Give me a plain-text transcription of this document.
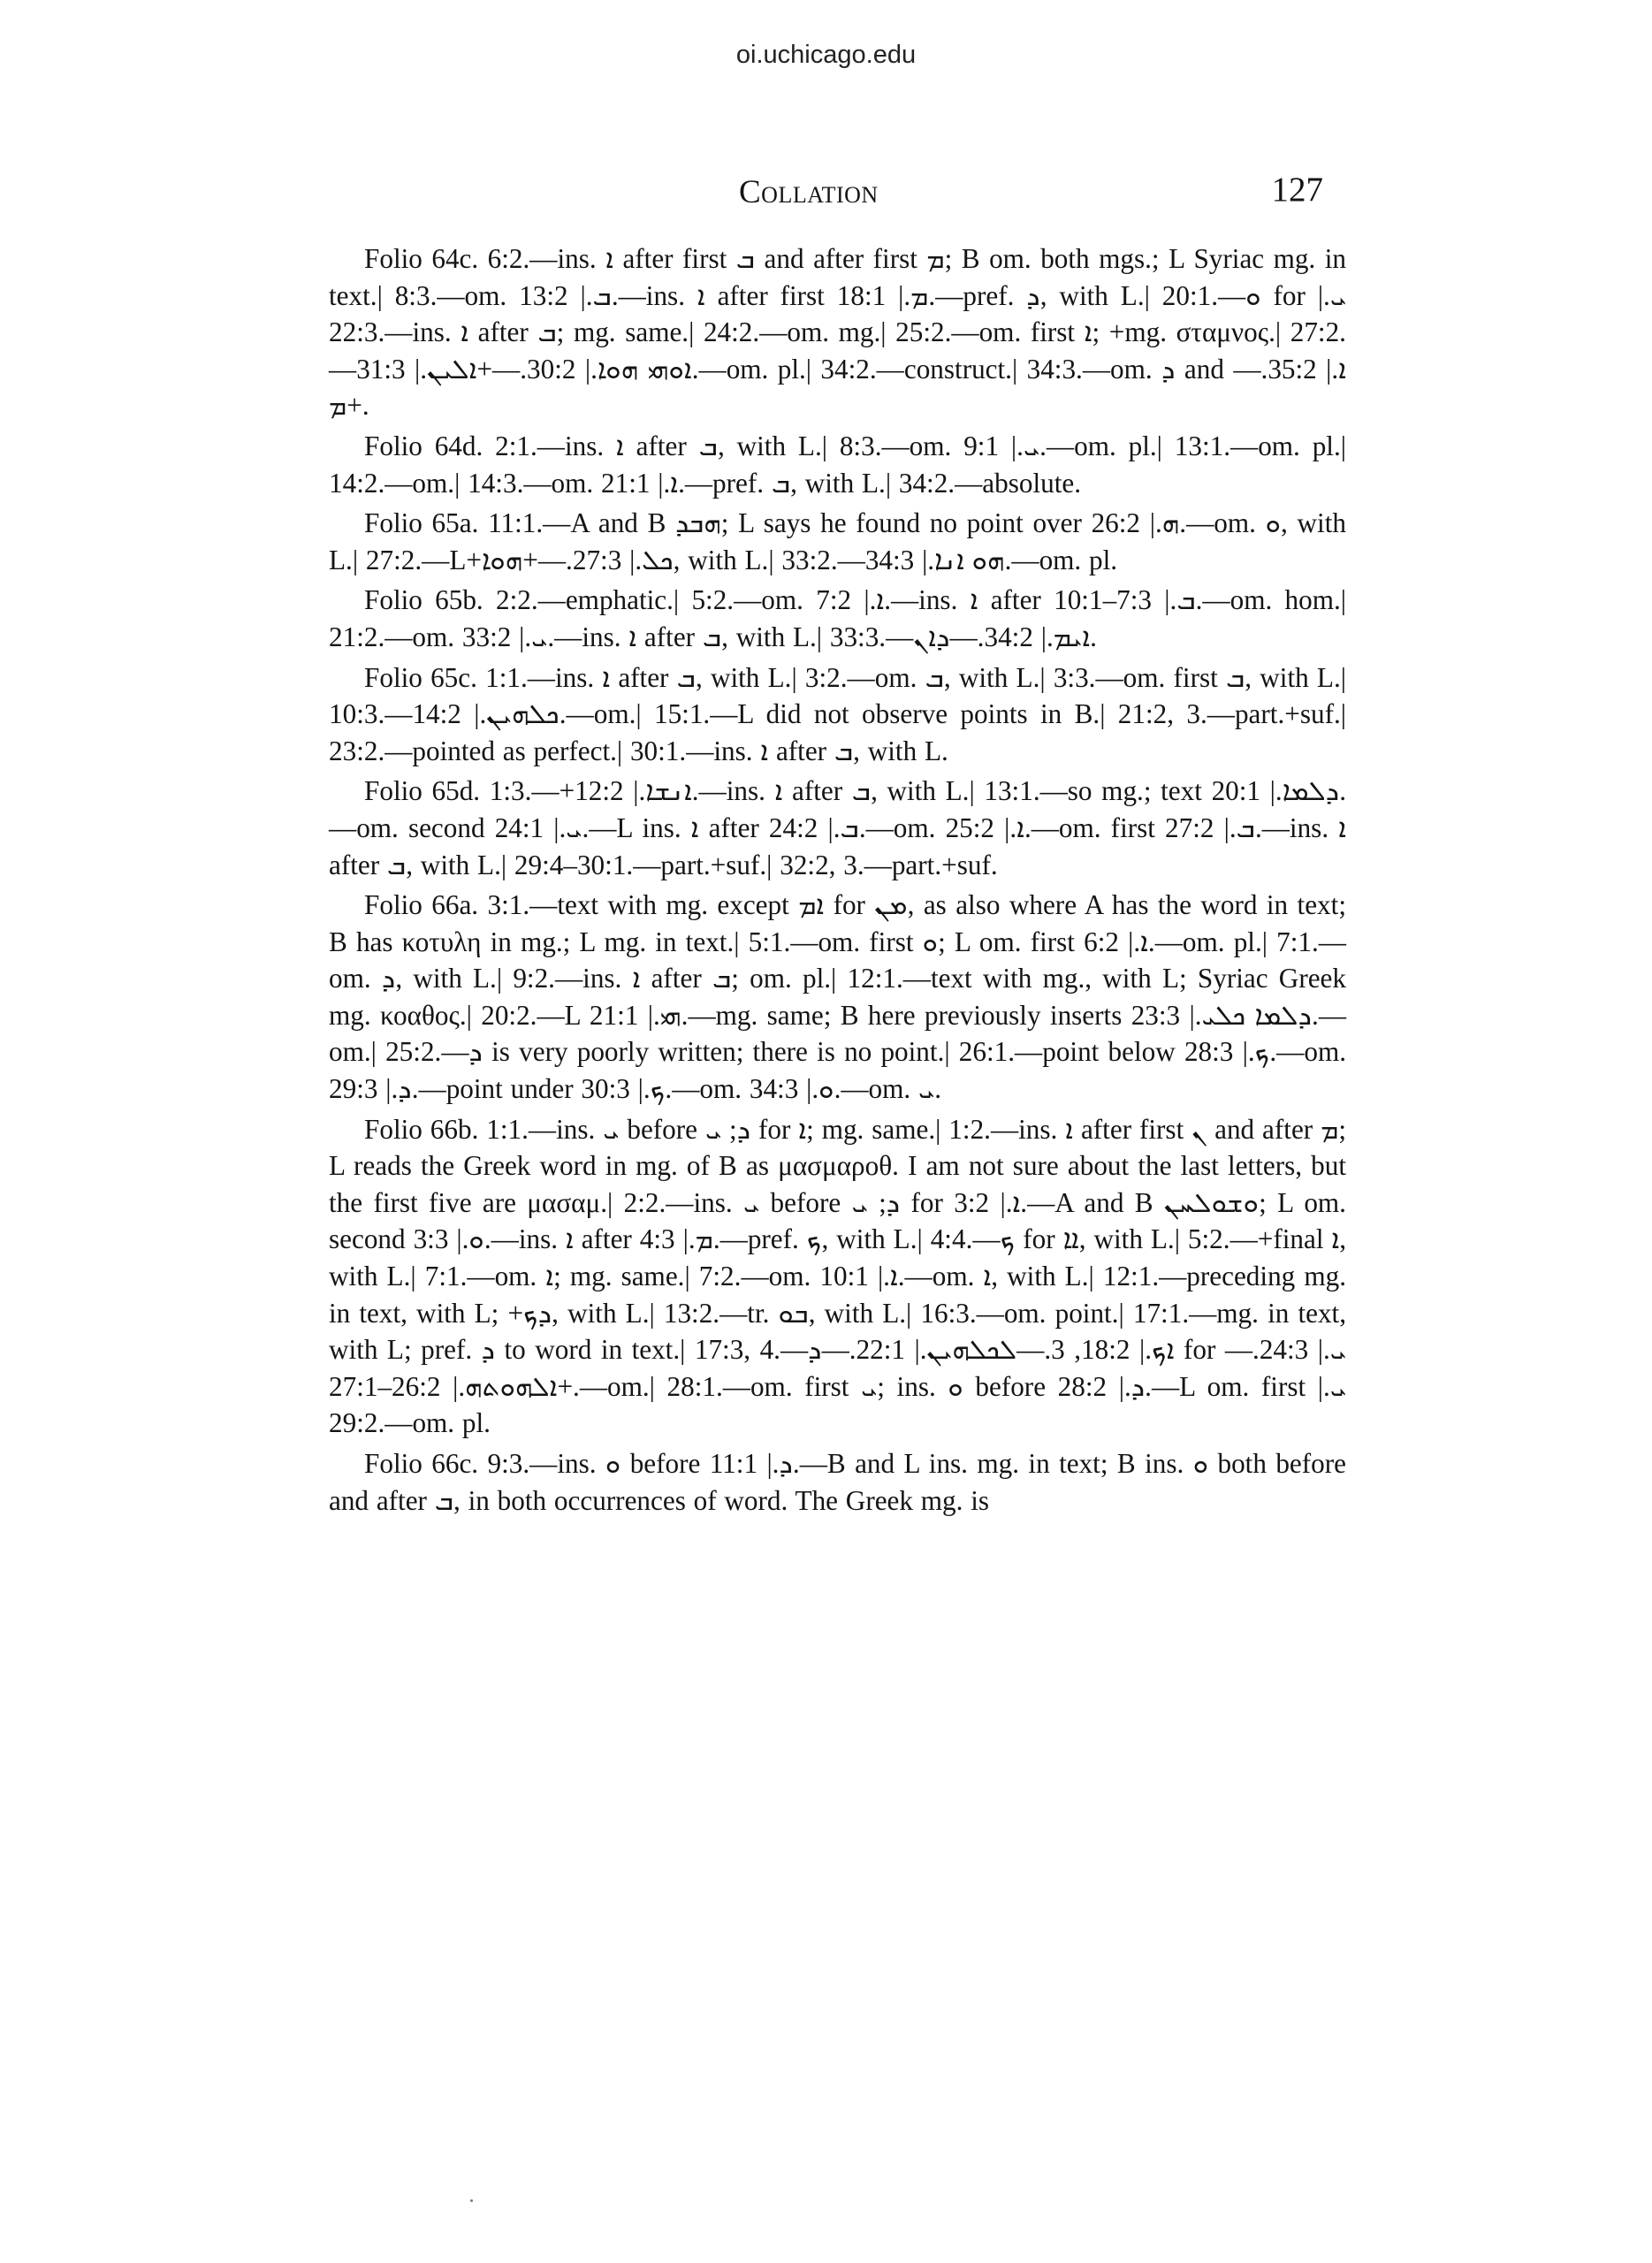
oi.uchicago.edu
Collation	127

Folio 64c. 6:2.—ins. ܐ after first ܒ and after first ܡ; B om. both mgs.; L Syriac mg. in text.| 8:3.—om. ܒ.| 13:2.—ins. ܐ after first ܡ.| 18:1.—pref. ܕ, with L.| 20:1.—ܘ for ܝ.| 22:3.—ins. ܐ after ܒ; mg. same.| 24:2.—om. mg.| 25:2.—om. first ܐ; +mg. σταμνος.| 27:2.—ܐܘܗܝ ܗܘܐ.| 30:2.—+ܐܠܝܢ.| 31:3.—om. pl.| 34:2.—construct.| 34:3.—om. ܕ and ܐ.| 35:2.—+ܡ.

Folio 64d. 2:1.—ins. ܐ after ܒ, with L.| 8:3.—om. ܝ.| 9:1.—om. pl.| 13:1.—om. pl.| 14:2.—om.| 14:3.—om. ܐ.| 21:1.—pref. ܒ, with L.| 34:2.—absolute.

Folio 65a. 11:1.—A and B ܗܒܕ; L says he found no point over ܗ.| 26:2.—om. ܘ, with L.| 27:2.—L+ܟܠ.| 27:3.—+ܗܘܐ, with L.| 33:2.—ܗܘ ܐܢܐ.| 34:3.—om. pl.

Folio 65b. 2:2.—emphatic.| 5:2.—om. ܐ.| 7:2.—ins. ܐ after ܒ.| 7:3–10:1.—om. hom.| 21:2.—om. ܝ.| 33:2.—ins. ܐ after ܒ, with L.| 33:3.—ܐܝܡ.| 34:2.—ܕܐܢ.

Folio 65c. 1:1.—ins. ܐ after ܒ, with L.| 3:2.—om. ܒ, with L.| 3:3.—om. first ܒ, with L.| 10:3.—ܟܠܗܝܢ.| 14:2.—om.| 15:1.—L did not observe points in B.| 21:2, 3.—part.+suf.| 23:2.—pointed as perfect.| 30:1.—ins. ܐ after ܒ, with L.

Folio 65d. 1:3.—+ܐܢܫܐ.| 12:2.—ins. ܐ after ܒ, with L.| 13:1.—so mg.; text ܕܠܡܐ.| 20:1.—om. second ܝ.| 24:1.—L ins. ܐ after ܒ.| 24:2.—om. ܐ.| 25:2.—om. first ܒ.| 27:2.—ins. ܐ after ܒ, with L.| 29:4–30:1.—part.+suf.| 32:2, 3.—part.+suf.

Folio 66a. 3:1.—text with mg. except ܐܡ for ܡܢ, as also where A has the word in text; B has κοτυλη in mg.; L mg. in text.| 5:1.—om. first ܘ; L om. first ܐ.| 6:2.—om. pl.| 7:1.—om. ܕ, with L.| 9:2.—ins. ܐ after ܒ; om. pl.| 12:1.—text with mg., with L; Syriac Greek mg. κοαθος.| 20:2.—L ܗܝ.| 21:1.—mg. same; B here previously inserts ܕܠܡܐ ܟܠܝ.| 23:3.—om.| 25:2.—ܕ is very poorly written; there is no point.| 26:1.—point below ܟ.| 28:3.—om. ܕ.| 29:3.—point under ܟ.| 30:3.—om. ܘ.| 34:3.—om. ܝ.

Folio 66b. 1:1.—ins. ܝ before ܕ; ܝ for ܐ; mg. same.| 1:2.—ins. ܐ after first ܢ and after ܡ; L reads the Greek word in mg. of B as μασμαροθ. I am not sure about the last letters, but the first five are μασαμ.| 2:2.—ins. ܝ before ܕ; ܝ for ܐ.| 3:2.—A and B ܘܫܘܠܚܢ; L om. second ܘ.| 3:3.—ins. ܐ after ܡ.| 4:3.—pref. ܟ, with L.| 4:4.—ܟ for ܐܐ, with L.| 5:2.—+final ܐ, with L.| 7:1.—om. ܐ; mg. same.| 7:2.—om. ܐ.| 10:1.—om. ܐ, with L.| 12:1.—preceding mg. in text, with L; +ܕܟ, with L.| 13:2.—tr. ܒܘ, with L.| 16:3.—om. point.| 17:1.—mg. in text, with L; pref. ܕ to word in text.| 17:3, 4.—ܐܟ.| 18:2, 3.—ܠܟܠܗܝܢ.| 22:1.—ܕ for ܝ.| 24:3.—+ܐܠܗܘܬܗ.| 26:2–27:1.—om.| 28:1.—om. first ܝ; ins. ܘ before ܕ.| 28:2.—L om. first ܝ.| 29:2.—om. pl.

Folio 66c. 9:3.—ins. ܘ before ܕ.| 11:1.—B and L ins. mg. in text; B ins. ܘ both before and after ܒ, in both occurrences of word. The Greek mg. is
